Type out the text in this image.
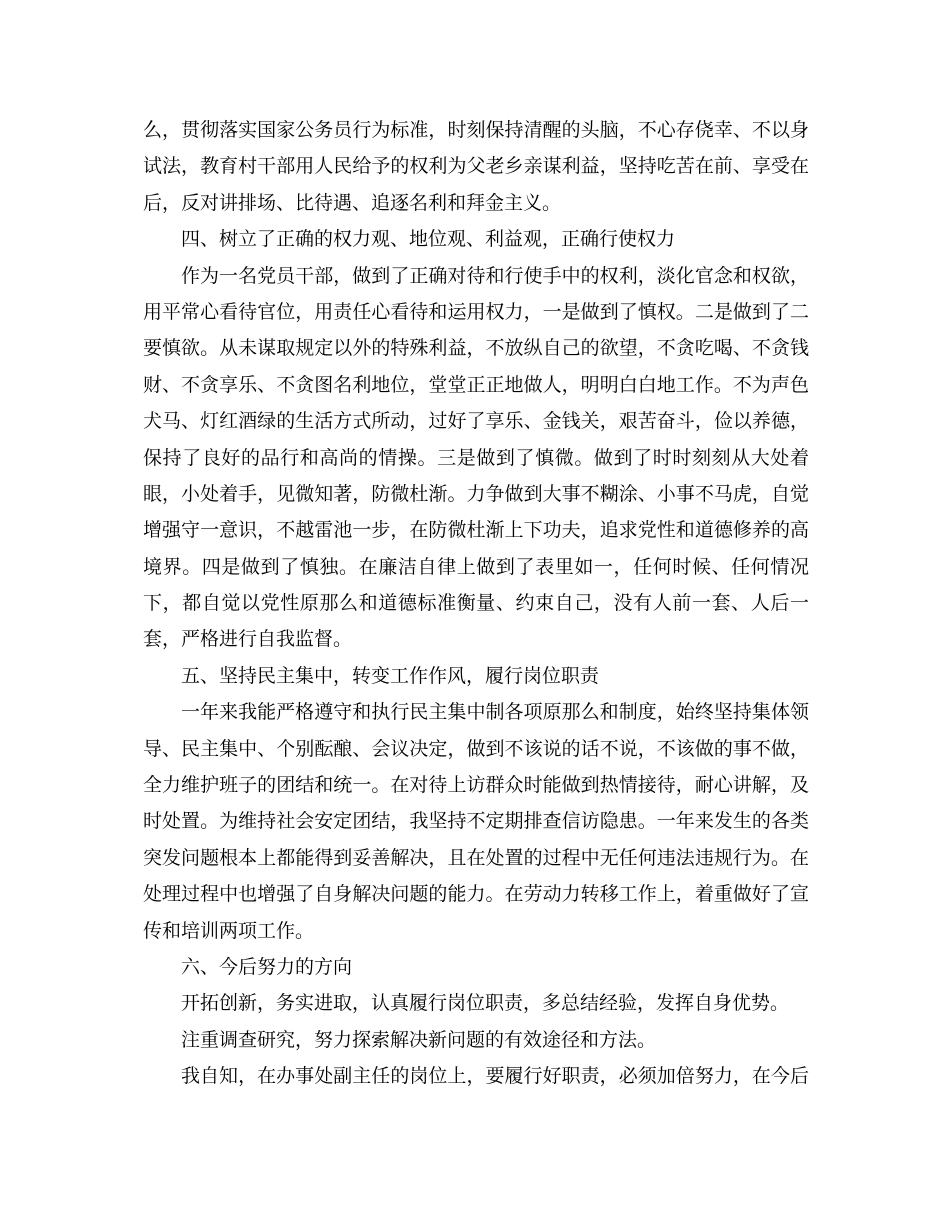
么，贯彻落实国家公务员行为标准，时刻保持清醒的头脑，不心存侥幸、不以身
试法，教育村干部用人民给予的权利为父老乡亲谋利益，坚持吃苦在前、享受在
后，反对讲排场、比待遇、追逐名利和拜金主义。
四、树立了正确的权力观、地位观、利益观，正确行使权力
作为一名党员干部，做到了正确对待和行使手中的权利，淡化官念和权欲，
用平常心看待官位，用责任心看待和运用权力，一是做到了慎权。二是做到了二
要慎欲。从未谋取规定以外的特殊利益，不放纵自己的欲望，不贪吃喝、不贪钱
财、不贪享乐、不贪图名利地位，堂堂正正地做人，明明白白地工作。不为声色
犬马、灯红酒绿的生活方式所动，过好了享乐、金钱关，艰苦奋斗，俭以养德，
保持了良好的品行和高尚的情操。三是做到了慎微。做到了时时刻刻从大处着
眼，小处着手，见微知著，防微杜渐。力争做到大事不糊涂、小事不马虎，自觉
增强守一意识，不越雷池一步，在防微杜渐上下功夫，追求党性和道德修养的高
境界。四是做到了慎独。在廉洁自律上做到了表里如一，任何时候、任何情况
下，都自觉以党性原那么和道德标准衡量、约束自己，没有人前一套、人后一
套，严格进行自我监督。
五、坚持民主集中，转变工作作风，履行岗位职责
一年来我能严格遵守和执行民主集中制各项原那么和制度，始终坚持集体领
导、民主集中、个别酝酿、会议决定，做到不该说的话不说，不该做的事不做，
全力维护班子的团结和统一。在对待上访群众时能做到热情接待，耐心讲解，及
时处置。为维持社会安定团结，我坚持不定期排查信访隐患。一年来发生的各类
突发问题根本上都能得到妥善解决，且在处置的过程中无任何违法违规行为。在
处理过程中也增强了自身解决问题的能力。在劳动力转移工作上，着重做好了宣
传和培训两项工作。
六、今后努力的方向
开拓创新，务实进取，认真履行岗位职责，多总结经验，发挥自身优势。
注重调查研究，努力探索解决新问题的有效途径和方法。
我自知，在办事处副主任的岗位上，要履行好职责，必须加倍努力，在今后
